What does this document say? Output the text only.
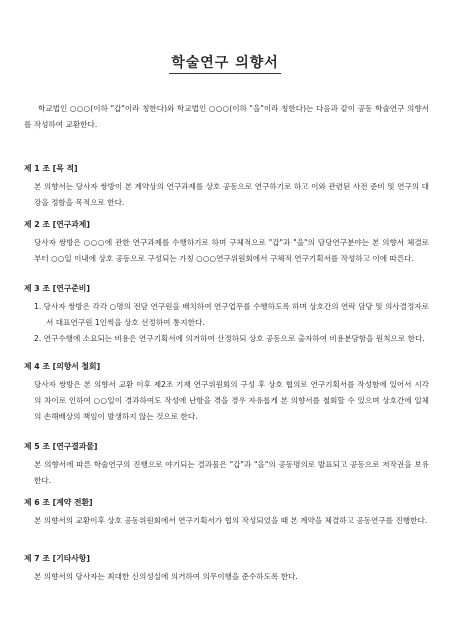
학술연구 의향서
학교법인 ○○○(이하 "갑"이라 칭한다)와 학교법인 ○○○(이하 "을"이라 칭한다)는 다음과 같이 공동 학술연구 의향서를 작성하여 교환한다.
제 1 조 [목 적]
본 의향서는 당사자 쌍방이 본 계약상의 연구과제를 상호 공동으로 연구하기로 하고 이와 관련된 사전 준비 및 연구의 대강을 정함을 목적으로 한다.
제 2 조 [연구과제]
당사자 쌍방은 ○○○에 관한 연구과제를 수행하기로 하며 구체적으로 "갑"과 "을"의 담당연구분야는 본 의향서 체결로부터 ○○일 이내에 상호 공동으로 구성되는 가칭 ○○○연구위원회에서 구체적 연구기획서를 작성하고 이에 따른다.
제 3 조 [연구준비]
1. 당사자 쌍방은 각각 ○명의 전담 연구원을 배치하여 연구업무를 수행하도록 하며 상호간의 연락 담당 및 의사결정자로서 대표연구원 1인씩을 상호 선정하여 통지한다.
2. 연구수행에 소요되는 비용은 연구기획서에 의거하여 산정하되 상호 공동으로 출자하여 비용분담함을 원칙으로 한다.
제 4 조 [의향서 철회]
당사자 쌍방은 본 의향서 교환 이후 제2조 기재 연구위원회의 구성 후 상호 협의로 연구기획서를 작성함에 있어서 시각의 차이로 인하여 ○○일이 경과하여도 작성에 난항을 겪을 경우 자유롭게 본 의향서를 철회할 수 있으며 상호간에 일체의 손해배상의 책임이 발생하지 않는 것으로 한다.
제 5 조 [연구결과물]
본 의향서에 따른 학술연구의 진행으로 야기되는 결과물은 "갑"과 "을"의 공동명의로 발표되고 공동으로 저작권을 보유한다.
제 6 조 [계약 전환]
본 의향서의 교환이후 상호 공동위원회에서 연구기획서가 협의 작성되었을 때 본 계약을 체결하고 공동연구를 진행한다.
제 7 조 [기타사항]
본 의향서의 당사자는 최대한 신의성실에 의거하여 의무이행을 준수하도록 한다.
